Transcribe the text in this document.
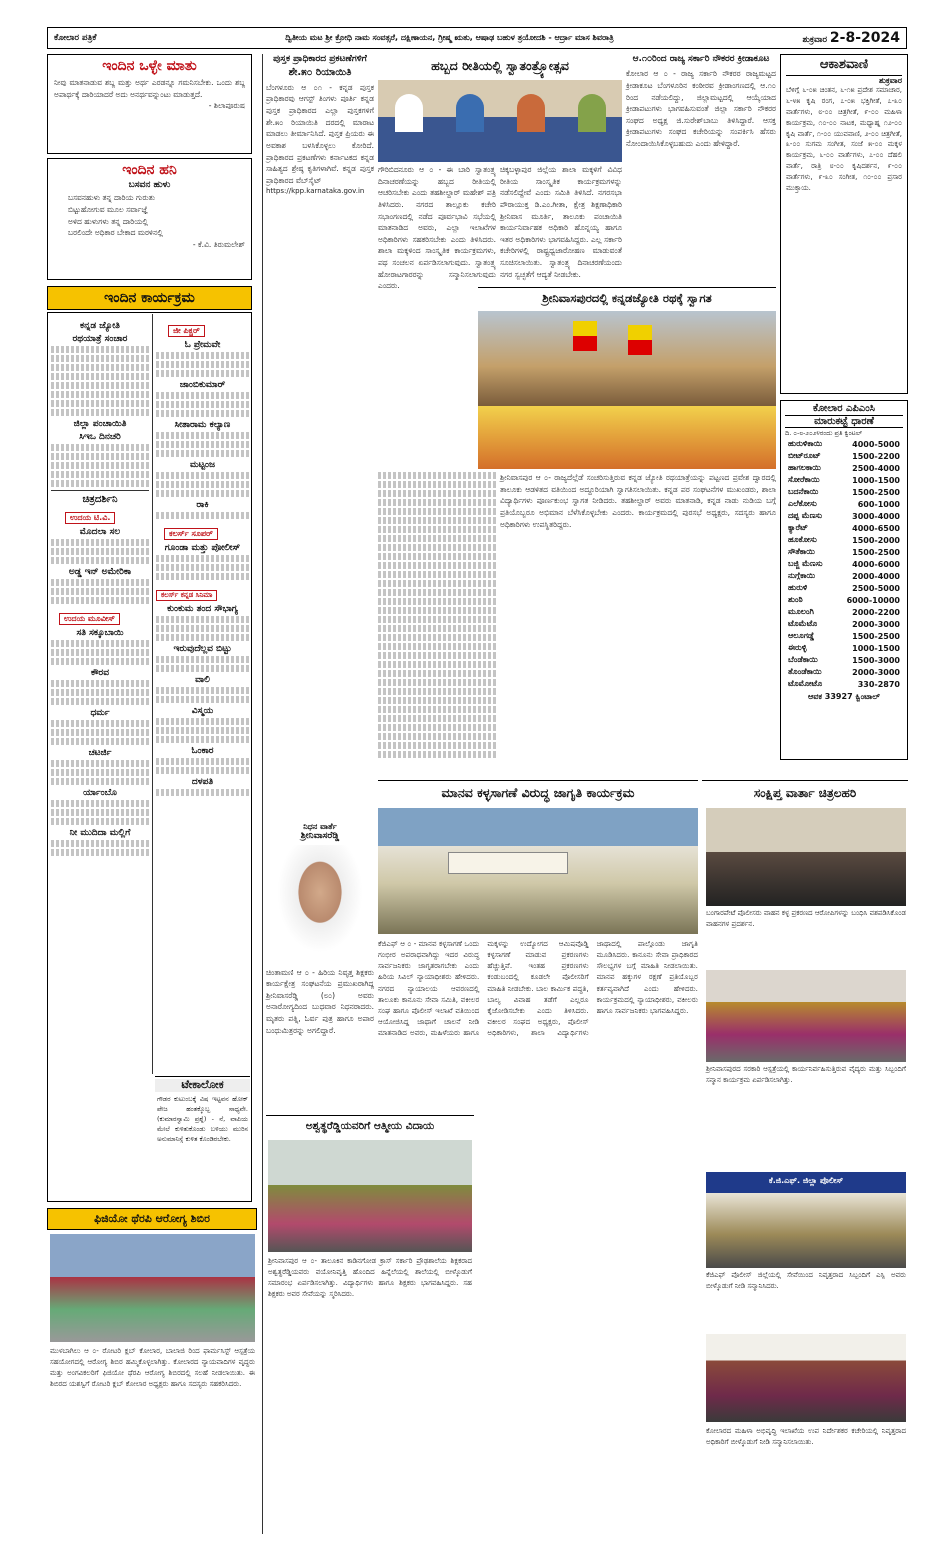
ಕೋಲಾರ ಪತ್ರಿಕೆ	ದ್ವಿತೀಯ ಮಟ ಶ್ರೀ ಕ್ರೋಧಿ ನಾಮ ಸಂವತ್ಸರೆ, ದಕ್ಷಿಣಾಯನ, ಗ್ರೀಷ್ಮ ಋತು, ಆಷಾಢ ಬಹುಳ ತ್ರಯೋದಶಿ - ಆರ್ದ್ರಾ ಮಾಸ ಶಿವರಾತ್ರಿ	ಶುಕ್ರವಾರ 2-8-2024
ಇಂದಿನ ಒಳ್ಳೇ ಮಾತು
ನೀವು ಮಾತನಾಡುವ ಶಬ್ದ ಮತ್ತು ಅರ್ಥ ಎರಡನ್ನೂ ಗಮನಿಸಬೇಕು. ಒಂದು ಶಬ್ದ ಅಪಾರ್ಥಕ್ಕೆ ದಾರಿಯಾದರೆ ಅದು ಅನರ್ಥವನ್ನುಂಟು ಮಾಡುತ್ತದೆ.
- ಶಿಲಾಪೂರುಷ
ಇಂದಿನ ಹನಿ
ಬಸವನ ಹುಳು
ಬಸವನಹುಳು ತನ್ನ ದಾರಿಯ ಗುರುತು
ಬಿಟ್ಟುಹೋಗುವ ಮೂಲ ಸರ್ವಾಜ್ಞೆ
ಅಳಿದ ಹುಳುಗಳು ತನ್ನ ದಾರಿಯಲ್ಲಿ
ಬರಲಿಂದೇ ಅಧಿಕಾರ ಬೇಕಾದ ಮರಳಿನಲ್ಲಿ
- ಕೆ.ವಿ. ತಿರುಮಲೇಶ್
ಇಂದಿನ ಕಾರ್ಯಕ್ರಮ
ಕನ್ನಡ ಜ್ಯೋತಿ
ರಥಯಾತ್ರೆ ಸಂಚಾರ
ಜಿಲ್ಲಾ ಪಂಚಾಯಿತಿ
ಸಿಇಒ ದಿನಚರಿ
ಚಿತ್ರದರ್ಶಿನಿ
ಉದಯ ಟಿ.ವಿ.
ಮೊದಲಾ ಸಲ
ಅಡ್ಡ ಇನ್ ಅಮೇರಿಕಾ
ಉದಯ ಮೂವೀಸ್
ಸತಿ ಸಕ್ಕೂಬಾಯಿ
ಕೌರವ
ಧರ್ಮ
ಚಟರ್ಜಿ
ರ್ಯಾಂಬೊ
ನೀ ಮುದಿದಾ ಮಲ್ಲಿಗೆ
ಜೀ ಪಿಕ್ಚರ್
ಓ ಪ್ರೇಮವೇ
ಜಾಂಬಿಕುಮಾರ್
ಸೀತಾರಾಮ ಕಲ್ಯಾಣ
ಮಟ್ಟಂಜ
ರಾಕಿ
ಕಲರ್ಸ್ ಸೂಪರ್
ಗೂಂಡಾ ಮತ್ತು ಪೋಲೀಸ್
ಕಲರ್ಸ್ ಕನ್ನಡ ಸಿನಿಮಾ
ಕುಂಕುಮ ತಂದ ಸೌಭಾಗ್ಯ
ಇರುವುದೆಲ್ಲವ ಬಿಟ್ಟು
ವಾಲಿ
ವಿಸ್ಮಯ
ಓಂಕಾರ
ದಳಪತಿ
ಟೇಕಾಲೋಕ
ಗೌಡರ ಕುಟುಂಬಕ್ಕೆ ವಿಷ ಇಟ್ಟವನ ಹೋಕ್ ಪೇಜ ಹಂತಕ್ಕೊಬ್ಬ ಸಾಧ್ಯವೇ. (ಕುಮಾರಸ್ವಾಮಿ ಪ್ರಶ್ನೆ) - ನೆ, ವಾಪಿಯ ಮೇಲೆ ಕುಳಿತುಕೊಂಡು ಬಳಿಯು ಮುರಿಸ ಅನುಮಾನಿಸ್ಸೆ ಕುಳಿತ ಕೊಂಡಿರಬೇಕು.
ಫಿಜಿಯೋ ಥೆರಪಿ ಆರೋಗ್ಯ ಶಿಬಿರ
ಮುಳಬಾಗಿಲು ಆ ೦- ರೋಟರಿ ಕ್ಲಬ್ ಕೋಲಾರ, ಬಾಲಾಜಿ ರಿಂದ ಫಾರ್ಮಸಿಸ್ಟ್ ಆಸ್ಪತ್ರೆಯ ಸಹಯೋಗದಲ್ಲಿ ಆರೋಗ್ಯ ಶಿಬಿರ ಹಮ್ಮಿಕೊಳ್ಳಲಾಗಿತ್ತು. ಕೋಲಾರದ ನ್ಯಾಯವಾದಿಗಳ ವೃದ್ಧರು ಮತ್ತು ಅಂಗವಿಕಲರಿಗೆ ಫಿಜಿಯೋ ಥೆರಪಿ ಆರೋಗ್ಯ ಶಿಬಿರದಲ್ಲಿ ಸಲಹೆ ನೀಡಲಾಯಿತು. ಈ ಶಿಬಿರದ ಯಶಸ್ವಿಗೆ ರೋಟರಿ ಕ್ಲಬ್ ಕೋಲಾರ ಅಧ್ಯಕ್ಷರು ಹಾಗೂ ಸದಸ್ಯರು ಸಹಕರಿಸಿದರು.
ಪುಸ್ತಕ ಪ್ರಾಧಿಕಾರದ ಪ್ರಕಟಣೆಗಳಿಗೆ
ಶೇ.೫೦ ರಿಯಾಯಿತಿ
ಬೆಂಗಳೂರು ಆ ೦೧ - ಕನ್ನಡ ಪುಸ್ತಕ ಪ್ರಾಧಿಕಾರವು ಆಗಸ್ಟ್ ತಿಂಗಳು ಪೂರ್ತಿ ಕನ್ನಡ ಪುಸ್ತಕ ಪ್ರಾಧಿಕಾರದ ಎಲ್ಲಾ ಪುಸ್ತಕಗಳಿಗೆ ಶೇ.೫೦ ರಿಯಾಯಿತಿ ದರದಲ್ಲಿ ಮಾರಾಟ ಮಾಡಲು ತೀರ್ಮಾನಿಸಿದೆ. ಪುಸ್ತಕ ಪ್ರಿಯರು ಈ ಅವಕಾಶ ಬಳಸಿಕೊಳ್ಳಲು ಕೋರಿದೆ. ಪ್ರಾಧಿಕಾರದ ಪ್ರಕಟಣೆಗಳು ಕರ್ನಾಟಕದ ಕನ್ನಡ ಸಾಹಿತ್ಯದ ಶ್ರೇಷ್ಠ ಕೃತಿಗಳಾಗಿವೆ. ಕನ್ನಡ ಪುಸ್ತಕ ಪ್ರಾಧಿಕಾರದ ವೆಬ್‌ಸೈಟ್
https://kpp.karnataka.gov.in
ನಿಧನ ವಾರ್ತೆ
ಶ್ರೀನಿವಾಸರೆಡ್ಡಿ
ಚಿಂತಾಮಣಿ ಆ ೦ - ಹಿರಿಯ ನಿವೃತ್ತ ಶಿಕ್ಷಕರು ಕಾರ್ಯಕ್ಷೇತ್ರ ಸಂಘಟನೆಯ ಪ್ರಮುಖರಾಗಿದ್ದ ಶ್ರೀನಿವಾಸರೆಡ್ಡಿ (೮೦) ಅವರು ಅನಾರೋಗ್ಯದಿಂದ ಬುಧವಾರ ನಿಧನರಾದರು. ಮೃತರು ಪತ್ನಿ, ಓರ್ವ ಪುತ್ರ ಹಾಗೂ ಅಪಾರ ಬಂಧುಮಿತ್ರರನ್ನು ಅಗಲಿದ್ದಾರೆ.
ಹಬ್ಬದ ರೀತಿಯಲ್ಲಿ ಸ್ವಾತಂತ್ರ್ಯೋತ್ಸವ
ಗೌರಿಬಿದನೂರು ಆ ೦ - ಈ ಬಾರಿ ಸ್ವಾತಂತ್ರ್ಯ ದಿನಾಚರಣೆಯನ್ನು ಹಬ್ಬದ ರೀತಿಯಲ್ಲಿ ಆಚರಿಸಬೇಕು ಎಂದು ತಹಶೀಲ್ದಾರ್ ಮಹೇಶ್ ಪತ್ರಿ ತಿಳಿಸಿದರು. ನಗರದ ತಾಲ್ಲೂಕು ಕಚೇರಿ ಸಭಾಂಗಣದಲ್ಲಿ ನಡೆದ ಪೂರ್ವಭಾವಿ ಸಭೆಯಲ್ಲಿ ಮಾತನಾಡಿದ ಅವರು, ಎಲ್ಲಾ ಇಲಾಖೆಗಳ ಅಧಿಕಾರಿಗಳು ಸಹಕರಿಸಬೇಕು ಎಂದು ತಿಳಿಸಿದರು. ಶಾಲಾ ಮಕ್ಕಳಿಂದ ಸಾಂಸ್ಕೃತಿಕ ಕಾರ್ಯಕ್ರಮಗಳು, ಪಥ ಸಂಚಲನ ಏರ್ಪಡಿಸಲಾಗುವುದು. ಸ್ವಾತಂತ್ರ್ಯ ಹೋರಾಟಗಾರರನ್ನು ಸನ್ಮಾನಿಸಲಾಗುವುದು ಎಂದರು.
ಚಿಕ್ಕಬಳ್ಳಾಪುರ ಜಿಲ್ಲೆಯ ಶಾಲಾ ಮಕ್ಕಳಿಗೆ ವಿವಿಧ ರೀತಿಯ ಸಾಂಸ್ಕೃತಿಕ ಕಾರ್ಯಕ್ರಮಗಳನ್ನು ನಡೆಸಲಿದ್ದೇವೆ ಎಂದು ಸಮಿತಿ ತಿಳಿಸಿದೆ. ನಗರಸಭಾ ಪೌರಾಯುಕ್ತ ಡಿ.ಎಂ.ಗೀತಾ, ಕ್ಷೇತ್ರ ಶಿಕ್ಷಣಾಧಿಕಾರಿ ಶ್ರೀನಿವಾಸ ಮೂರ್ತಿ, ತಾಲೂಕು ಪಂಚಾಯಿತಿ ಕಾರ್ಯನಿರ್ವಾಹಕ ಅಧಿಕಾರಿ ಹೊನ್ನಯ್ಯ ಹಾಗೂ ಇತರ ಅಧಿಕಾರಿಗಳು ಭಾಗವಹಿಸಿದ್ದರು. ಎಲ್ಲ ಸರ್ಕಾರಿ ಕಚೇರಿಗಳಲ್ಲಿ ರಾಷ್ಟ್ರಧ್ವಜಾರೋಹಣ ಮಾಡುವಂತೆ ಸೂಚಿಸಲಾಯಿತು. ಸ್ವಾತಂತ್ರ್ಯ ದಿನಾಚರಣೆಯಂದು ನಗರ ಸ್ವಚ್ಛತೆಗೆ ಆದ್ಯತೆ ನೀಡಬೇಕು.
ಆ.೧೦ರಿಂದ ರಾಜ್ಯ ಸರ್ಕಾರಿ ನೌಕರರ ಕ್ರೀಡಾಕೂಟ
ಕೋಲಾರ ಆ ೦ - ರಾಜ್ಯ ಸರ್ಕಾರಿ ನೌಕರರ ರಾಜ್ಯಮಟ್ಟದ ಕ್ರೀಡಾಕೂಟ ಬೆಂಗಳೂರಿನ ಕಂಠೀರವ ಕ್ರೀಡಾಂಗಣದಲ್ಲಿ ಆ.೧೦ ರಿಂದ ನಡೆಯಲಿದ್ದು, ಜಿಲ್ಲಾಮಟ್ಟದಲ್ಲಿ ಆಯ್ಕೆಯಾದ ಕ್ರೀಡಾಪಟುಗಳು ಭಾಗವಹಿಸುವಂತೆ ಜಿಲ್ಲಾ ಸರ್ಕಾರಿ ನೌಕರರ ಸಂಘದ ಅಧ್ಯಕ್ಷ ಜಿ.ಸುರೇಶ್‌ಬಾಬು ತಿಳಿಸಿದ್ದಾರೆ. ಆಸಕ್ತ ಕ್ರೀಡಾಪಟುಗಳು ಸಂಘದ ಕಚೇರಿಯನ್ನು ಸಂಪರ್ಕಿಸಿ ಹೆಸರು ನೋಂದಾಯಿಸಿಕೊಳ್ಳಬಹುದು ಎಂದು ಹೇಳಿದ್ದಾರೆ.
ಶ್ರೀನಿವಾಸಪುರದಲ್ಲಿ ಕನ್ನಡಜ್ಯೋತಿ ರಥಕ್ಕೆ ಸ್ವಾಗತ
ಶ್ರೀನಿವಾಸಪುರ ಆ ೦- ರಾಜ್ಯದೆಲ್ಲೆಡೆ ಸಂಚರಿಸುತ್ತಿರುವ ಕನ್ನಡ ಜ್ಯೋತಿ ರಥಯಾತ್ರೆಯನ್ನು ಪಟ್ಟಣದ ಪ್ರವೇಶ ದ್ವಾರದಲ್ಲಿ ತಾಲೂಕು ಆಡಳಿತದ ವತಿಯಿಂದ ಅದ್ದೂರಿಯಾಗಿ ಸ್ವಾಗತಿಸಲಾಯಿತು. ಕನ್ನಡ ಪರ ಸಂಘಟನೆಗಳ ಮುಖಂಡರು, ಶಾಲಾ ವಿದ್ಯಾರ್ಥಿಗಳು ಪೂರ್ಣಕುಂಭ ಸ್ವಾಗತ ನೀಡಿದರು. ತಹಶೀಲ್ದಾರ್ ಅವರು ಮಾತನಾಡಿ, ಕನ್ನಡ ನಾಡು ನುಡಿಯ ಬಗ್ಗೆ ಪ್ರತಿಯೊಬ್ಬರೂ ಅಭಿಮಾನ ಬೆಳೆಸಿಕೊಳ್ಳಬೇಕು ಎಂದರು. ಕಾರ್ಯಕ್ರಮದಲ್ಲಿ ಪುರಸಭೆ ಅಧ್ಯಕ್ಷರು, ಸದಸ್ಯರು ಹಾಗೂ ಅಧಿಕಾರಿಗಳು ಉಪಸ್ಥಿತರಿದ್ದರು.
ಮಾನವ ಕಳ್ಳಸಾಗಣೆ ವಿರುದ್ಧ ಜಾಗೃತಿ ಕಾರ್ಯಕ್ರಮ
ಕೆಜಿಎಫ್ ಆ ೦ - ಮಾನವ ಕಳ್ಳಸಾಗಣೆ ಒಂದು ಗಂಭೀರ ಅಪರಾಧವಾಗಿದ್ದು ಇದರ ವಿರುದ್ಧ ಸಾರ್ವಜನಿಕರು ಜಾಗೃತರಾಗಬೇಕು ಎಂದು ಹಿರಿಯ ಸಿವಿಲ್ ನ್ಯಾಯಾಧೀಶರು ಹೇಳಿದರು. ನಗರದ ನ್ಯಾಯಾಲಯ ಆವರಣದಲ್ಲಿ ತಾಲೂಕು ಕಾನೂನು ಸೇವಾ ಸಮಿತಿ, ವಕೀಲರ ಸಂಘ ಹಾಗೂ ಪೊಲೀಸ್ ಇಲಾಖೆ ವತಿಯಿಂದ ಆಯೋಜಿಸಿದ್ದ ಜಾಥಾಗೆ ಚಾಲನೆ ನೀಡಿ ಮಾತನಾಡಿದ ಅವರು, ಮಹಿಳೆಯರು ಹಾಗೂ ಮಕ್ಕಳನ್ನು ಉದ್ಯೋಗದ ಆಮಿಷವೊಡ್ಡಿ ಕಳ್ಳಸಾಗಣೆ ಮಾಡುವ ಪ್ರಕರಣಗಳು ಹೆಚ್ಚುತ್ತಿವೆ. ಇಂತಹ ಪ್ರಕರಣಗಳು ಕಂಡುಬಂದಲ್ಲಿ ಕೂಡಲೇ ಪೊಲೀಸರಿಗೆ ಮಾಹಿತಿ ನೀಡಬೇಕು. ಬಾಲ ಕಾರ್ಮಿಕ ಪದ್ಧತಿ, ಬಾಲ್ಯ ವಿವಾಹ ತಡೆಗೆ ಎಲ್ಲರೂ ಕೈಜೋಡಿಸಬೇಕು ಎಂದು ತಿಳಿಸಿದರು. ವಕೀಲರ ಸಂಘದ ಅಧ್ಯಕ್ಷರು, ಪೊಲೀಸ್ ಅಧಿಕಾರಿಗಳು, ಶಾಲಾ ವಿದ್ಯಾರ್ಥಿಗಳು ಜಾಥಾದಲ್ಲಿ ಪಾಲ್ಗೊಂಡು ಜಾಗೃತಿ ಮೂಡಿಸಿದರು. ಕಾನೂನು ಸೇವಾ ಪ್ರಾಧಿಕಾರದ ಸೌಲಭ್ಯಗಳ ಬಗ್ಗೆ ಮಾಹಿತಿ ನೀಡಲಾಯಿತು. ಮಾನವ ಹಕ್ಕುಗಳ ರಕ್ಷಣೆ ಪ್ರತಿಯೊಬ್ಬರ ಕರ್ತವ್ಯವಾಗಿದೆ ಎಂದು ಹೇಳಿದರು. ಕಾರ್ಯಕ್ರಮದಲ್ಲಿ ನ್ಯಾಯಾಧೀಶರು, ವಕೀಲರು ಹಾಗೂ ಸಾರ್ವಜನಿಕರು ಭಾಗವಹಿಸಿದ್ದರು.
ಅಶ್ವತ್ಥರೆಡ್ಡಿಯವರಿಗೆ ಆತ್ಮೀಯ ವಿದಾಯ
ಶ್ರೀನಿವಾಸಪುರ ಆ ೦- ತಾಲೂಕಿನ ಕಾಡಿನಗೋಡ ಕ್ರಾಸ್ ಸರ್ಕಾರಿ ಪ್ರೌಢಶಾಲೆಯ ಶಿಕ್ಷಕರಾದ ಅಶ್ವತ್ಥರೆಡ್ಡಿಯವರು ವಯೋನಿವೃತ್ತಿ ಹೊಂದಿದ ಹಿನ್ನೆಲೆಯಲ್ಲಿ ಶಾಲೆಯಲ್ಲಿ ಬೀಳ್ಕೊಡುಗೆ ಸಮಾರಂಭ ಏರ್ಪಡಿಸಲಾಗಿತ್ತು. ವಿದ್ಯಾರ್ಥಿಗಳು ಹಾಗೂ ಶಿಕ್ಷಕರು ಭಾಗವಹಿಸಿದ್ದರು. ಸಹ ಶಿಕ್ಷಕರು ಅವರ ಸೇವೆಯನ್ನು ಸ್ಮರಿಸಿದರು.
ಆಕಾಶವಾಣಿ
ಶುಕ್ರವಾರ
ಬೆಳಿಗ್ಗೆ ೬-೦೫ ಚಿಂತನ, ೬-೧೫ ಪ್ರದೇಶ ಸಮಾಚಾರ, ೬-೪೫ ಕೃಷಿ ರಂಗ, ೭-೦೫ ಭಕ್ತಿಗೀತೆ, ೭-೩೦ ವಾರ್ತೆಗಳು, ೮-೦೦ ಚಿತ್ರಗೀತೆ, ೯-೦೦ ಮಹಿಳಾ ಕಾರ್ಯಕ್ರಮ, ೧೦-೦೦ ನಾಟಕ, ಮಧ್ಯಾಹ್ನ ೧೨-೦೦ ಕೃಷಿ ವಾರ್ತೆ, ೧-೦೦ ಯುವವಾಣಿ, ೨-೦೦ ಚಿತ್ರಗೀತೆ, ೩-೦೦ ಸುಗಮ ಸಂಗೀತ, ಸಂಜೆ ೫-೦೦ ಮಕ್ಕಳ ಕಾರ್ಯಕ್ರಮ, ೬-೦೦ ವಾರ್ತೆಗಳು, ೭-೦೦ ದೆಹಲಿ ವಾರ್ತೆ, ರಾತ್ರಿ ೮-೦೦ ಕೃಷಿದರ್ಶನ, ೯-೦೦ ವಾರ್ತೆಗಳು, ೯-೩೦ ಸಂಗೀತ, ೧೦-೦೦ ಪ್ರಸಾರ ಮುಕ್ತಾಯ.
ಕೋಲಾರ ಎಪಿಎಂಸಿ
ಮಾರುಕಟ್ಟೆ ಧಾರಣೆ
ದಿ. ೦-೮-೨೦೨೪ರಂದು ಪ್ರತಿ ಕ್ವಿಂಟಲ್
ಹುರುಳಿಕಾಯಿ	4000-5000
ಬೀಟ್‌ರೂಟ್	1500-2200
ಹಾಗಲಕಾಯಿ	2500-4000
ಸೋರೆಕಾಯಿ	1000-1500
ಬದನೆಕಾಯಿ	1500-2500
ಎಲೆಕೋಸು	600-1000
ದಪ್ಪ ಮೆಣಸು	3000-4000
ಕ್ಯಾರೆಟ್	4000-6500
ಹೂಕೋಸು	1500-2000
ಸೌತೆಕಾಯಿ	1500-2500
ಬಜ್ಜಿ ಮೆಣಸು	4000-6000
ನುಗ್ಗೆಕಾಯಿ	2000-4000
ಹುರುಳಿ	2500-5000
ಶುಂಠಿ	6000-10000
ಮೂಲಂಗಿ	2000-2200
ಟೊಮೆಟೊ	2000-3000
ಆಲೂಗಡ್ಡೆ	1500-2500
ಈರುಳ್ಳಿ	1000-1500
ಬೆಂಡೆಕಾಯಿ	1500-3000
ತೊಂಡೆಕಾಯಿ	2000-3000
ಟೊಮೋಟೊ	330-2870
ಆವಕ 33927 ಕ್ವಿಂಟಾಲ್
ಸಂಕ್ಷಿಪ್ತ ವಾರ್ತಾ ಚಿತ್ರಲಹರಿ
ಬಂಗಾರಪೇಟೆ ಪೊಲೀಸರು ವಾಹನ ಕಳ್ಳ ಪ್ರಕರಣದ ಆರೋಪಿಗಳನ್ನು ಬಂಧಿಸಿ ವಶಪಡಿಸಿಕೊಂಡ ವಾಹನಗಳ ಪ್ರದರ್ಶನ.
ಶ್ರೀನಿವಾಸಪುರದ ಸರಕಾರಿ ಆಸ್ಪತ್ರೆಯಲ್ಲಿ ಕಾರ್ಯನಿರ್ವಹಿಸುತ್ತಿರುವ ವೈದ್ಯರು ಮತ್ತು ಸಿಬ್ಬಂದಿಗೆ ಸನ್ಮಾನ ಕಾರ್ಯಕ್ರಮ ಏರ್ಪಡಿಸಲಾಗಿತ್ತು.
ಕೆ.ಜಿ.ಎಫ್. ಜಿಲ್ಲಾ ಪೊಲೀಸ್
ಕೆಜಿಎಫ್ ಪೊಲೀಸ್ ಜಿಲ್ಲೆಯಲ್ಲಿ ಸೇವೆಯಿಂದ ನಿವೃತ್ತರಾದ ಸಿಬ್ಬಂದಿಗೆ ಎಸ್ಪಿ ಅವರು ಬೀಳ್ಕೊಡುಗೆ ನೀಡಿ ಸನ್ಮಾನಿಸಿದರು.
ಕೋಲಾರದ ಮಹಿಳಾ ಅಭಿವೃದ್ಧಿ ಇಲಾಖೆಯ ಉಪ ನಿರ್ದೇಶಕರ ಕಚೇರಿಯಲ್ಲಿ ನಿವೃತ್ತರಾದ ಅಧಿಕಾರಿಗೆ ಬೀಳ್ಕೊಡುಗೆ ನೀಡಿ ಸನ್ಮಾನಿಸಲಾಯಿತು.
